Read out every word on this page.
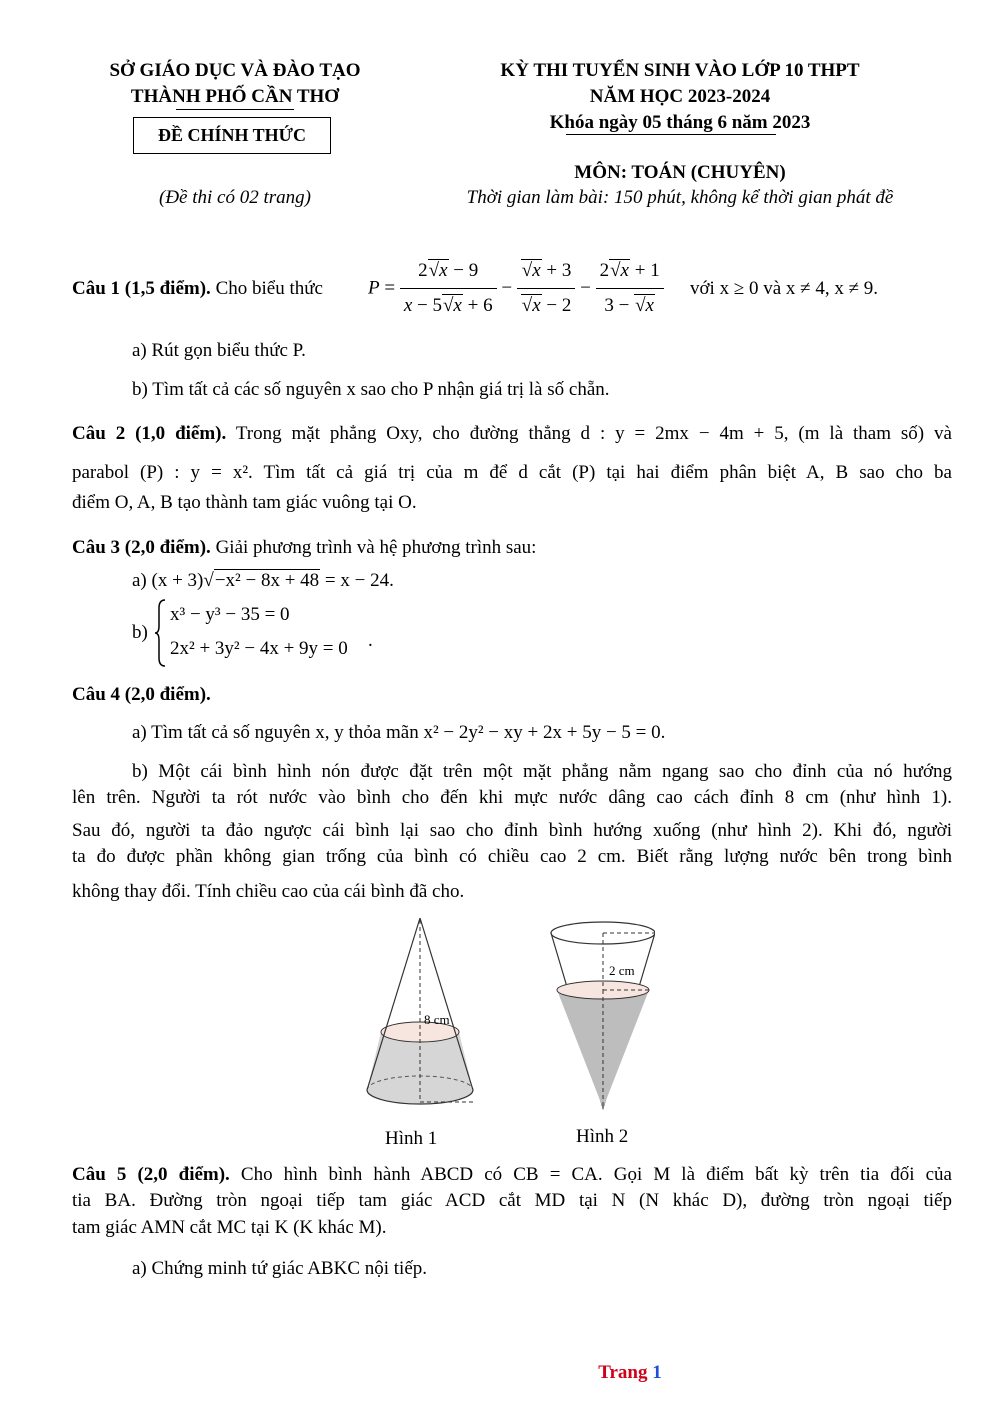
SỞ GIÁO DỤC VÀ ĐÀO TẠO
THÀNH PHỐ CẦN THƠ
ĐỀ CHÍNH THỨC
(Đề thi có 02 trang)
KỲ THI TUYỂN SINH VÀO LỚP 10 THPT
NĂM HỌC 2023-2024
Khóa ngày 05 tháng 6 năm 2023
MÔN: TOÁN (CHUYÊN)
Thời gian làm bài: 150 phút, không kể thời gian phát đề
Câu 1 (1,5 điểm). Cho biểu thức $P = \frac{2√x - 9}{x - 5√x + 6} - \frac{√x + 3}{√x - 2} - \frac{2√x + 1}{3 - √x}$ với x ≥ 0 và x ≠ 4, x ≠ 9.
a) Rút gọn biểu thức P.
b) Tìm tất cả các số nguyên x sao cho P nhận giá trị là số chẵn.
Câu 2 (1,0 điểm). Trong mặt phẳng Oxy, cho đường thẳng d : y = 2mx − 4m + 5, (m là tham số) và
parabol (P) : y = x². Tìm tất cả giá trị của m để d cắt (P) tại hai điểm phân biệt A, B sao cho ba
điểm O, A, B tạo thành tam giác vuông tại O.
Câu 3 (2,0 điểm). Giải phương trình và hệ phương trình sau:
a) (x + 3)√−x² − 8x + 48 = x − 24.
b)
x³ − y³ − 35 = 0
2x² + 3y² − 4x + 9y = 0 .
Câu 4 (2,0 điểm).
a) Tìm tất cả số nguyên x, y thỏa mãn x² − 2y² − xy + 2x + 5y − 5 = 0.
b) Một cái bình hình nón được đặt trên một mặt phẳng nằm ngang sao cho đỉnh của nó hướng
lên trên. Người ta rót nước vào bình cho đến khi mực nước dâng cao cách đỉnh 8 cm (như hình 1).
Sau đó, người ta đảo ngược cái bình lại sao cho đỉnh bình hướng xuống (như hình 2). Khi đó, người
ta đo được phần không gian trống của bình có chiều cao 2 cm. Biết rằng lượng nước bên trong bình
không thay đổi. Tính chiều cao của cái bình đã cho.
8 cm
2 cm
Hình 1	Hình 2
Câu 5 (2,0 điểm). Cho hình bình hành ABCD có CB = CA. Gọi M là điểm bất kỳ trên tia đối của
tia BA. Đường tròn ngoại tiếp tam giác ACD cắt MD tại N (N khác D), đường tròn ngoại tiếp
tam giác AMN cắt MC tại K (K khác M).
a) Chứng minh tứ giác ABKC nội tiếp.
Trang 1
